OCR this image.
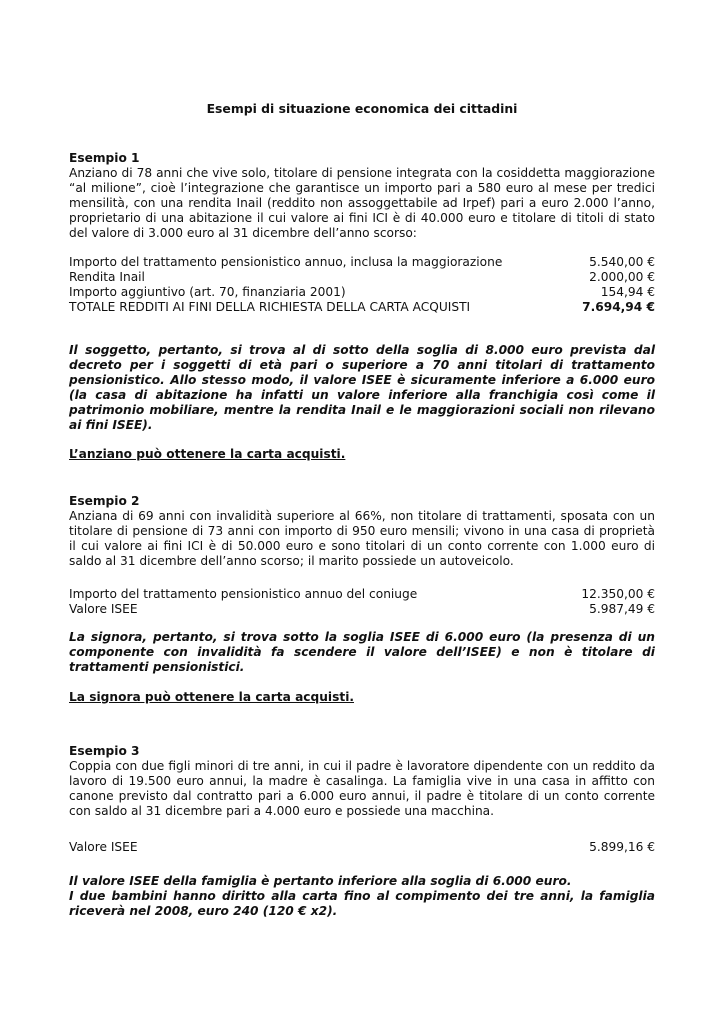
Esempi di situazione economica dei cittadini
Esempio 1
Anziano di 78 anni che vive solo, titolare di pensione integrata con la cosiddetta maggiorazione “al milione”, cioè l’integrazione che garantisce un importo pari a 580 euro al mese per tredici mensilità, con una rendita Inail (reddito non assoggettabile ad Irpef) pari a euro 2.000 l’anno, proprietario di una abitazione il cui valore ai fini ICI è di 40.000 euro e titolare di titoli di stato del valore di 3.000 euro al 31 dicembre dell’anno scorso:
Importo del trattamento pensionistico annuo, inclusa la maggiorazione	5.540,00 €
Rendita Inail	2.000,00 €
Importo aggiuntivo (art. 70, finanziaria 2001)	154,94 €
TOTALE REDDITI AI FINI DELLA RICHIESTA DELLA CARTA ACQUISTI	7.694,94 €
Il soggetto, pertanto, si trova al di sotto della soglia di 8.000 euro prevista dal decreto per i soggetti di età pari o superiore a 70 anni titolari di trattamento pensionistico. Allo stesso modo, il valore ISEE è sicuramente inferiore a 6.000 euro (la casa di abitazione ha infatti un valore inferiore alla franchigia così come il patrimonio mobiliare, mentre la rendita Inail e le maggiorazioni sociali non rilevano ai fini ISEE).
L’anziano può ottenere la carta acquisti.
Esempio 2
Anziana di 69 anni con invalidità superiore al 66%, non titolare di trattamenti, sposata con un titolare di pensione di 73 anni con importo di 950 euro mensili; vivono in una casa di proprietà il cui valore ai fini ICI è di 50.000 euro e sono titolari di un conto corrente con 1.000 euro di saldo al 31 dicembre dell’anno scorso; il marito possiede un autoveicolo.
Importo del trattamento pensionistico annuo del coniuge	12.350,00 €
Valore ISEE	5.987,49 €
La signora, pertanto, si trova sotto la soglia ISEE di 6.000 euro (la presenza di un componente con invalidità fa scendere il valore dell’ISEE) e non è titolare di trattamenti pensionistici.
La signora può ottenere la carta acquisti.
Esempio 3
Coppia con due figli minori di tre anni, in cui il padre è lavoratore dipendente con un reddito da lavoro di 19.500 euro annui, la madre è casalinga. La famiglia vive in una casa in affitto con canone previsto dal contratto pari a 6.000 euro annui, il padre è titolare di un conto corrente con saldo al 31 dicembre pari a 4.000 euro e possiede una macchina.
Valore ISEE	5.899,16 €
Il valore ISEE della famiglia è pertanto inferiore alla soglia di 6.000 euro.
I due bambini hanno diritto alla carta fino al compimento dei tre anni, la famiglia riceverà nel 2008, euro 240 (120 € x2).
